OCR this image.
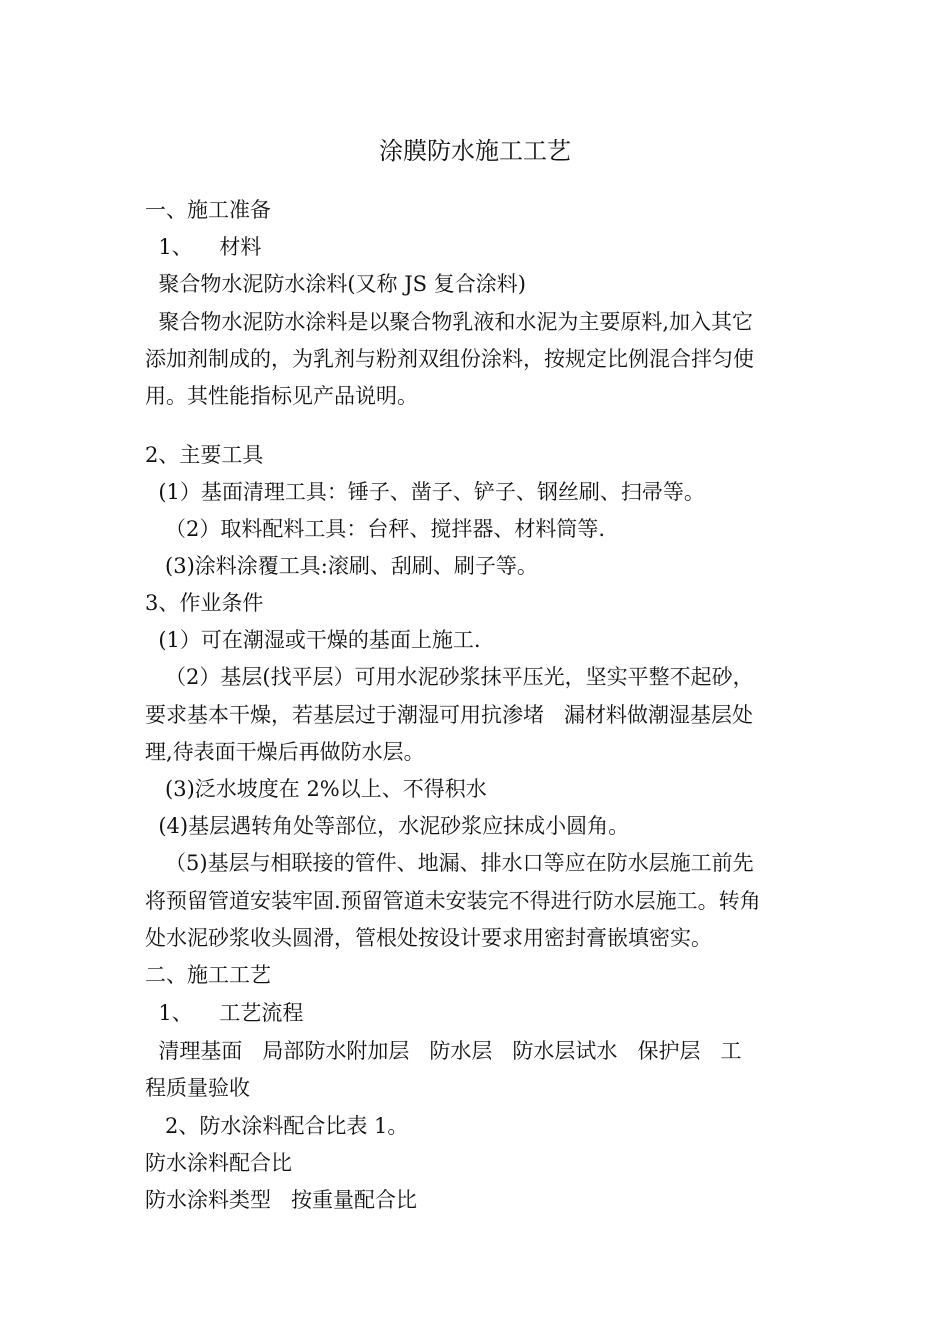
涂膜防水施工工艺
一、施工准备
1、    材料
聚合物水泥防水涂料(又称 JS 复合涂料)
聚合物水泥防水涂料是以聚合物乳液和水泥为主要原料,加入其它
添加剂制成的，为乳剂与粉剂双组份涂料，按规定比例混合拌匀使
用。其性能指标见产品说明。
2、主要工具
(1）基面清理工具：锤子、凿子、铲子、钢丝刷、扫帚等。
（2）取料配料工具：台秤、搅拌器、材料筒等.
(3)涂料涂覆工具:滚刷、刮刷、刷子等。
3、作业条件
(1）可在潮湿或干燥的基面上施工.
（2）基层(找平层）可用水泥砂浆抹平压光，坚实平整不起砂，
要求基本干燥，若基层过于潮湿可用抗渗堵   漏材料做潮湿基层处
理,待表面干燥后再做防水层。
(3)泛水坡度在 2%以上、不得积水
(4)基层遇转角处等部位，水泥砂浆应抹成小圆角。
（5)基层与相联接的管件、地漏、排水口等应在防水层施工前先
将预留管道安装牢固.预留管道未安装完不得进行防水层施工。转角
处水泥砂浆收头圆滑，管根处按设计要求用密封膏嵌填密实。
二、施工工艺
1、    工艺流程
清理基面   局部防水附加层   防水层   防水层试水   保护层   工
程质量验收
2、防水涂料配合比表 1。
防水涂料配合比
防水涂料类型   按重量配合比
